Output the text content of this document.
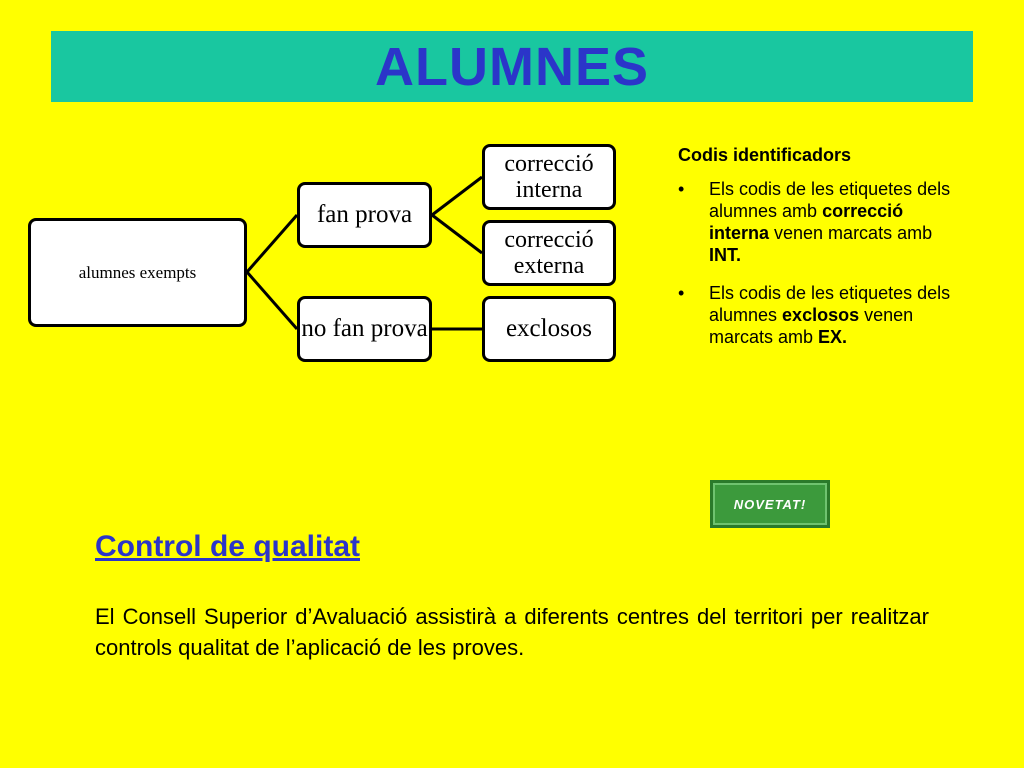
ALUMNES
alumnes exempts
fan prova
no fan prova
correcció interna
correcció externa
exclosos
Codis identificadors
• Els codis de les etiquetes dels alumnes amb correcció interna venen marcats amb INT.
• Els codis de les etiquetes dels alumnes exclosos venen marcats amb EX.
NOVETAT!
Control de qualitat
El Consell Superior d’Avaluació assistirà a diferents centres del territori per realitzar controls qualitat de l’aplicació de les proves.
